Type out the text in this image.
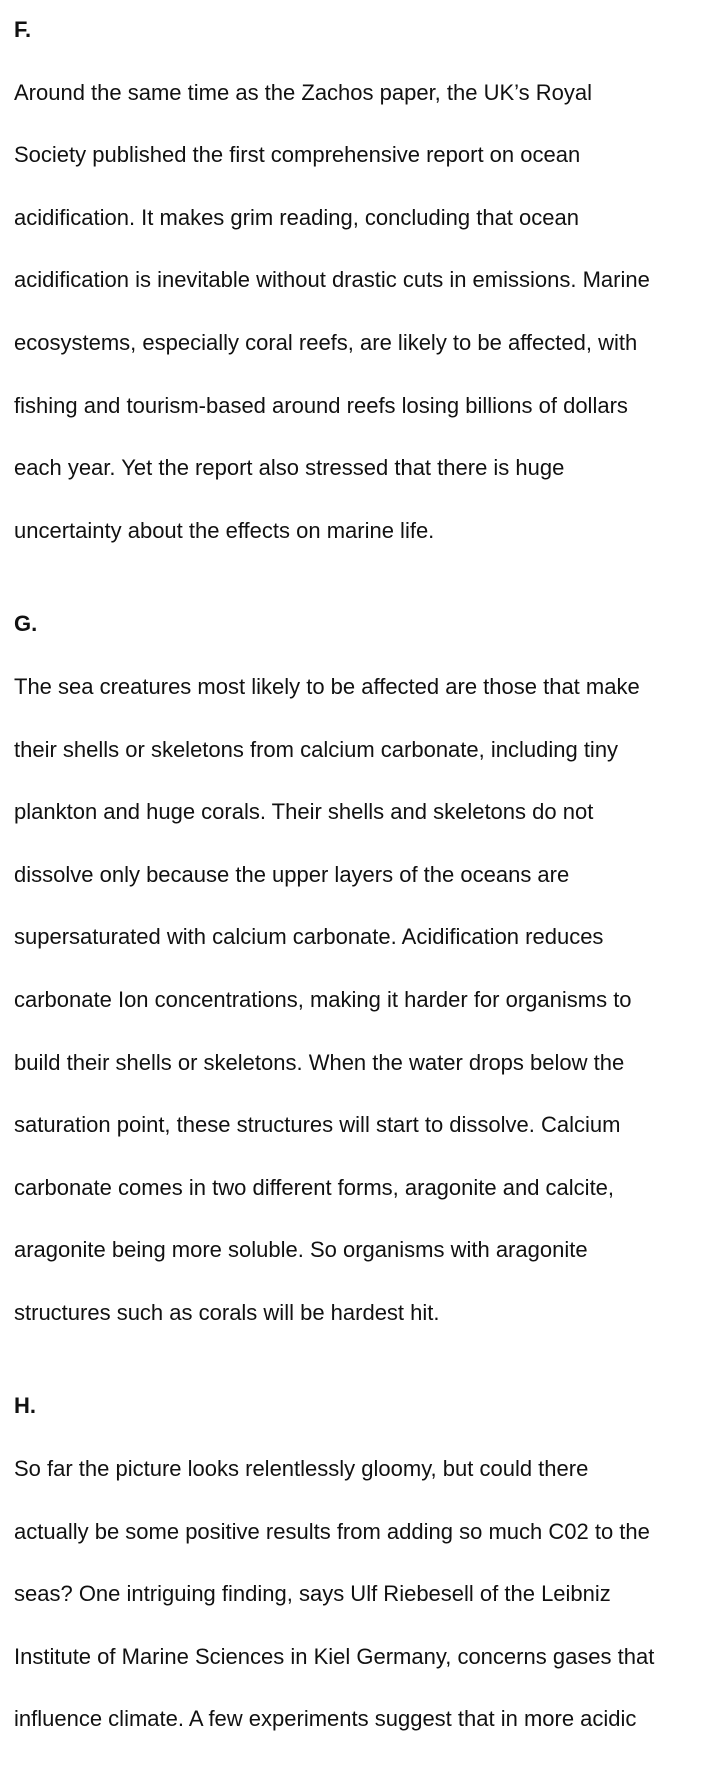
F.

Around the same time as the Zachos paper, the UK’s Royal

Society published the first comprehensive report on ocean

acidification. It makes grim reading, concluding that ocean

acidification is inevitable without drastic cuts in emissions. Marine

ecosystems, especially coral reefs, are likely to be affected, with

fishing and tourism-based around reefs losing billions of dollars

each year. Yet the report also stressed that there is huge

uncertainty about the effects on marine life.

G.

The sea creatures most likely to be affected are those that make

their shells or skeletons from calcium carbonate, including tiny

plankton and huge corals. Their shells and skeletons do not

dissolve only because the upper layers of the oceans are

supersaturated with calcium carbonate. Acidification reduces

carbonate Ion concentrations, making it harder for organisms to

build their shells or skeletons. When the water drops below the

saturation point, these structures will start to dissolve. Calcium

carbonate comes in two different forms, aragonite and calcite,

aragonite being more soluble. So organisms with aragonite

structures such as corals will be hardest hit.

H.

So far the picture looks relentlessly gloomy, but could there

actually be some positive results from adding so much C02 to the

seas? One intriguing finding, says Ulf Riebesell of the Leibniz

Institute of Marine Sciences in Kiel Germany, concerns gases that

influence climate. A few experiments suggest that in more acidic
